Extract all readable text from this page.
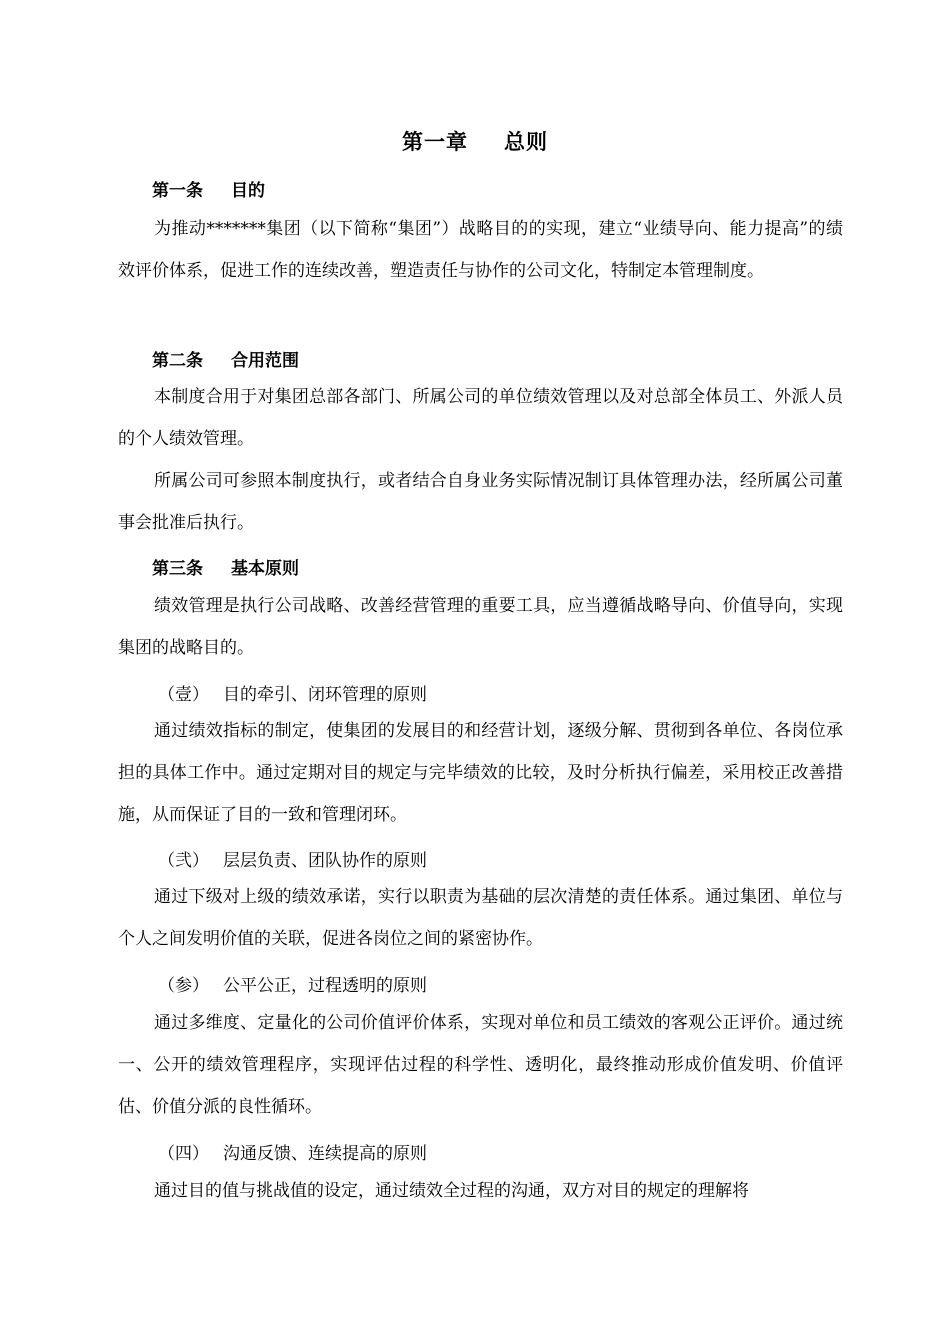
第一章 总则
第一条 目的

为推动*******集团（以下简称“集团”）战略目的的实现，建立“业绩导向、能力提高”的绩效评价体系，促进工作的连续改善，塑造责任与协作的公司文化，特制定本管理制度。

第二条 合用范围

本制度合用于对集团总部各部门、所属公司的单位绩效管理以及对总部全体员工、外派人员的个人绩效管理。

所属公司可参照本制度执行，或者结合自身业务实际情况制订具体管理办法，经所属公司董事会批准后执行。

第三条 基本原则

绩效管理是执行公司战略、改善经营管理的重要工具，应当遵循战略导向、价值导向，实现集团的战略目的。

（壹） 目的牵引、闭环管理的原则

通过绩效指标的制定，使集团的发展目的和经营计划，逐级分解、贯彻到各单位、各岗位承担的具体工作中。通过定期对目的规定与完毕绩效的比较，及时分析执行偏差，采用校正改善措施，从而保证了目的一致和管理闭环。

（弐） 层层负责、团队协作的原则

通过下级对上级的绩效承诺，实行以职责为基础的层次清楚的责任体系。通过集团、单位与个人之间发明价值的关联，促进各岗位之间的紧密协作。

（参） 公平公正，过程透明的原则

通过多维度、定量化的公司价值评价体系，实现对单位和员工绩效的客观公正评价。通过统一、公开的绩效管理程序，实现评估过程的科学性、透明化，最终推动形成价值发明、价值评估、价值分派的良性循环。

（四） 沟通反馈、连续提高的原则

通过目的值与挑战值的设定，通过绩效全过程的沟通，双方对目的规定的理解将
